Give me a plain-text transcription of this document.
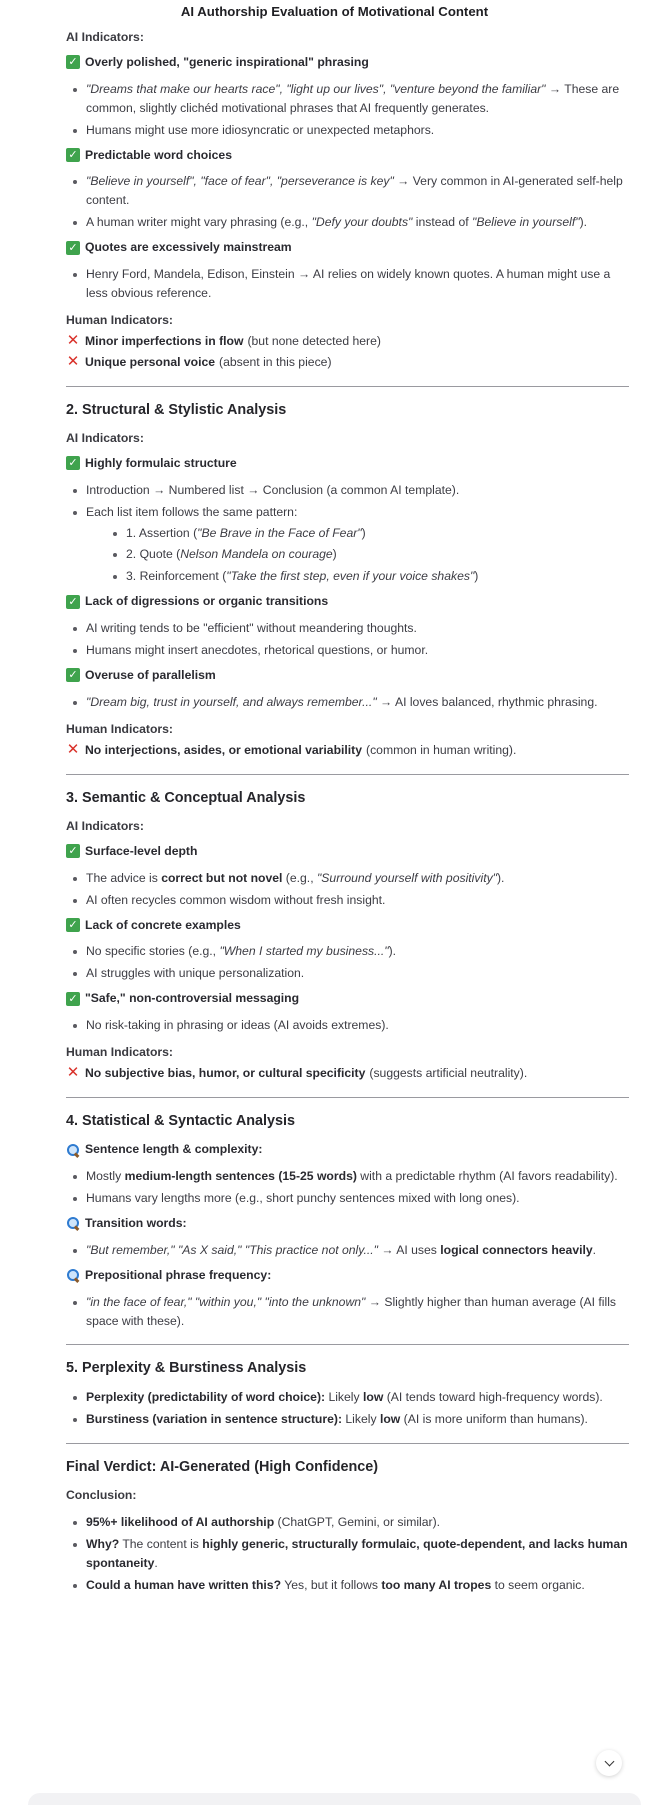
AI Authorship Evaluation of Motivational Content
AI Indicators:
✓ Overly polished, "generic inspirational" phrasing
"Dreams that make our hearts race", "light up our lives", "venture beyond the familiar" → These are common, slightly clichéd motivational phrases that AI frequently generates.
Humans might use more idiosyncratic or unexpected metaphors.
✓ Predictable word choices
"Believe in yourself", "face of fear", "perseverance is key" → Very common in AI-generated self-help content.
A human writer might vary phrasing (e.g., "Defy your doubts" instead of "Believe in yourself").
✓ Quotes are excessively mainstream
Henry Ford, Mandela, Edison, Einstein → AI relies on widely known quotes. A human might use a less obvious reference.
Human Indicators:
✕ Minor imperfections in flow (but none detected here)
✕ Unique personal voice (absent in this piece)
2. Structural & Stylistic Analysis
AI Indicators:
✓ Highly formulaic structure
Introduction → Numbered list → Conclusion (a common AI template).
Each list item follows the same pattern:
1. Assertion ("Be Brave in the Face of Fear")
2. Quote (Nelson Mandela on courage)
3. Reinforcement ("Take the first step, even if your voice shakes")
✓ Lack of digressions or organic transitions
AI writing tends to be "efficient" without meandering thoughts.
Humans might insert anecdotes, rhetorical questions, or humor.
✓ Overuse of parallelism
"Dream big, trust in yourself, and always remember..." → AI loves balanced, rhythmic phrasing.
Human Indicators:
✕ No interjections, asides, or emotional variability (common in human writing).
3. Semantic & Conceptual Analysis
AI Indicators:
✓ Surface-level depth
The advice is correct but not novel (e.g., "Surround yourself with positivity").
AI often recycles common wisdom without fresh insight.
✓ Lack of concrete examples
No specific stories (e.g., "When I started my business...").
AI struggles with unique personalization.
✓ "Safe," non-controversial messaging
No risk-taking in phrasing or ideas (AI avoids extremes).
Human Indicators:
✕ No subjective bias, humor, or cultural specificity (suggests artificial neutrality).
4. Statistical & Syntactic Analysis
Sentence length & complexity:
Mostly medium-length sentences (15-25 words) with a predictable rhythm (AI favors readability).
Humans vary lengths more (e.g., short punchy sentences mixed with long ones).
Transition words:
"But remember," "As X said," "This practice not only..." → AI uses logical connectors heavily.
Prepositional phrase frequency:
"in the face of fear," "within you," "into the unknown" → Slightly higher than human average (AI fills space with these).
5. Perplexity & Burstiness Analysis
Perplexity (predictability of word choice): Likely low (AI tends toward high-frequency words).
Burstiness (variation in sentence structure): Likely low (AI is more uniform than humans).
Final Verdict: AI-Generated (High Confidence)
Conclusion:
95%+ likelihood of AI authorship (ChatGPT, Gemini, or similar).
Why? The content is highly generic, structurally formulaic, quote-dependent, and lacks human spontaneity.
Could a human have written this? Yes, but it follows too many AI tropes to seem organic.
